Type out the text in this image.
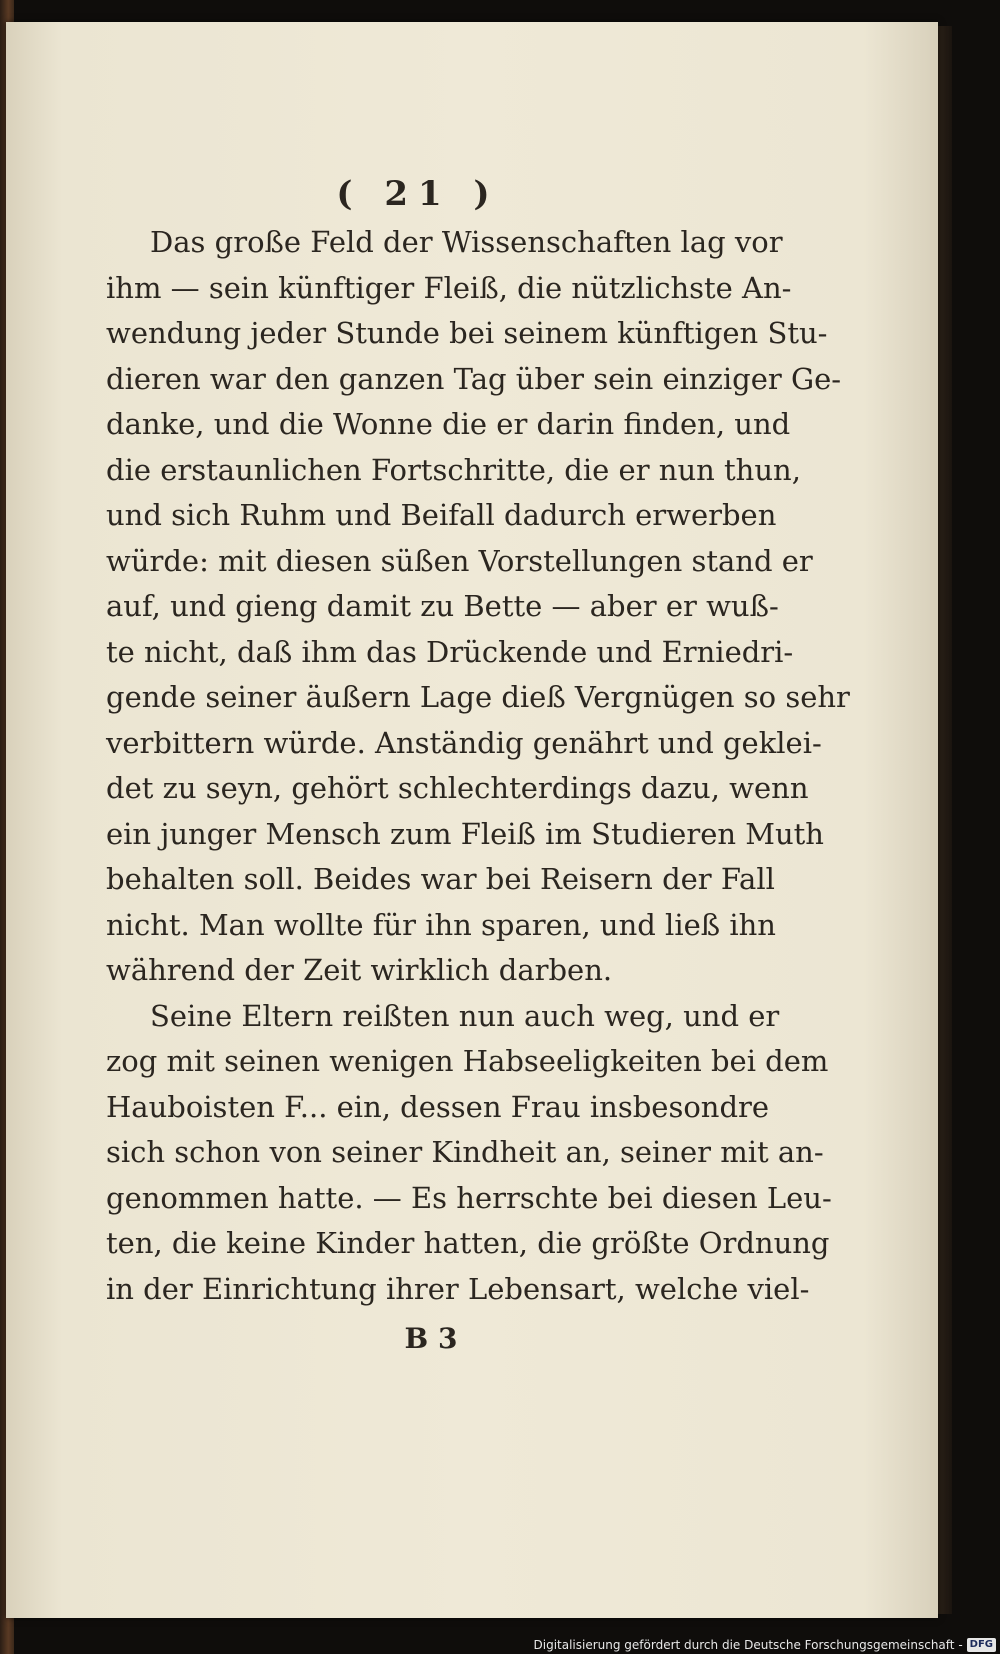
( 21 )
Das große Feld der Wissenschaften lag vor
ihm — sein künftiger Fleiß, die nützlichste An-
wendung jeder Stunde bei seinem künftigen Stu-
dieren war den ganzen Tag über sein einziger Ge-
danke, und die Wonne die er darin finden, und
die erstaunlichen Fortschritte, die er nun thun,
und sich Ruhm und Beifall dadurch erwerben
würde: mit diesen süßen Vorstellungen stand er
auf, und gieng damit zu Bette — aber er wuß-
te nicht, daß ihm das Drückende und Erniedri-
gende seiner äußern Lage dieß Vergnügen so sehr
verbittern würde. Anständig genährt und geklei-
det zu seyn, gehört schlechterdings dazu, wenn
ein junger Mensch zum Fleiß im Studieren Muth
behalten soll. Beides war bei Reisern der Fall
nicht. Man wollte für ihn sparen, und ließ ihn
während der Zeit wirklich darben.
Seine Eltern reißten nun auch weg, und er
zog mit seinen wenigen Habseeligkeiten bei dem
Hauboisten F... ein, dessen Frau insbesondre
sich schon von seiner Kindheit an, seiner mit an-
genommen hatte. — Es herrschte bei diesen Leu-
ten, die keine Kinder hatten, die größte Ordnung
in der Einrichtung ihrer Lebensart, welche viel-
B 3
Digitalisierung gefördert durch die Deutsche Forschungsgemeinschaft - DFG
